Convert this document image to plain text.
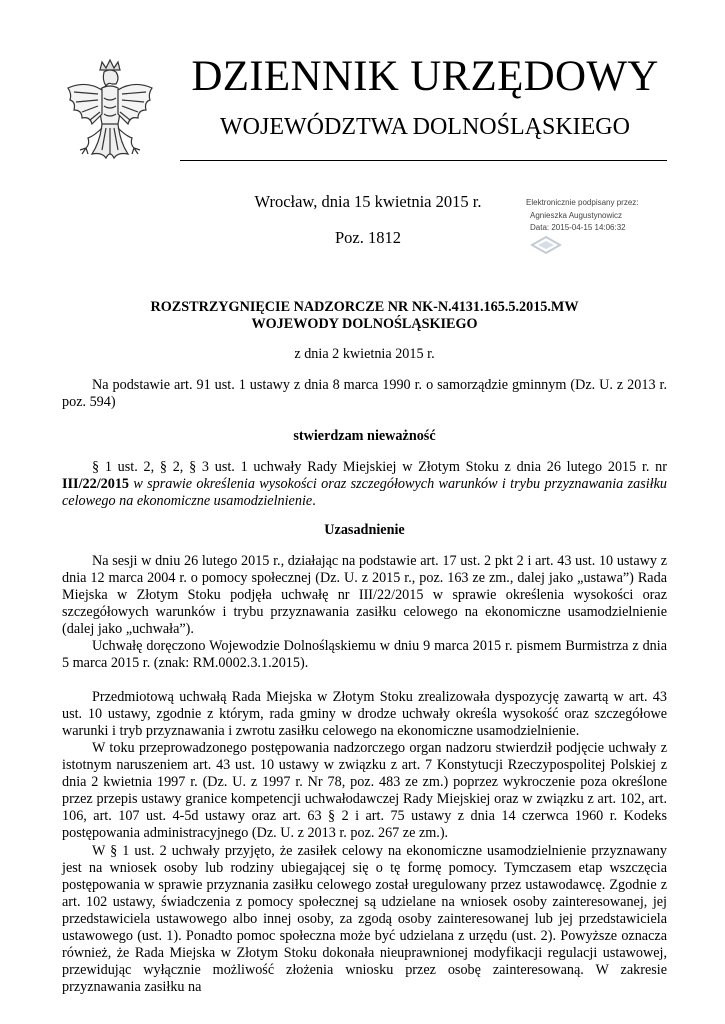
DZIENNIK URZĘDOWY
WOJEWÓDZTWA DOLNOŚLĄSKIEGO
Wrocław, dnia 15 kwietnia 2015 r.
Poz. 1812
Elektronicznie podpisany przez:
Agnieszka Augustynowicz
Data: 2015-04-15 14:06:32
ROZSTRZYGNIĘCIE NADZORCZE NR NK-N.4131.165.5.2015.MW
WOJEWODY DOLNOŚLĄSKIEGO
z dnia 2 kwietnia 2015 r.
Na podstawie art. 91 ust. 1 ustawy z dnia 8 marca 1990 r. o samorządzie gminnym (Dz. U. z 2013 r. poz. 594)
stwierdzam nieważność
§ 1 ust. 2, § 2, § 3 ust. 1 uchwały Rady Miejskiej w Złotym Stoku z dnia 26 lutego 2015 r. nr III/22/2015 w sprawie określenia wysokości oraz szczegółowych warunków i trybu przyznawania zasiłku celowego na ekonomiczne usamodzielnienie.
Uzasadnienie
Na sesji w dniu 26 lutego 2015 r., działając na podstawie art. 17 ust. 2 pkt 2 i art. 43 ust. 10 ustawy z dnia 12 marca 2004 r. o pomocy społecznej (Dz. U. z 2015 r., poz. 163 ze zm., dalej jako „ustawa”) Rada Miejska w Złotym Stoku podjęła uchwałę nr III/22/2015 w sprawie określenia wysokości oraz szczegółowych warunków i trybu przyznawania zasiłku celowego na ekonomiczne usamodzielnienie (dalej jako „uchwała”).
Uchwałę doręczono Wojewodzie Dolnośląskiemu w dniu 9 marca 2015 r. pismem Burmistrza z dnia 5 marca 2015 r. (znak: RM.0002.3.1.2015).
Przedmiotową uchwałą Rada Miejska w Złotym Stoku zrealizowała dyspozycję zawartą w art. 43 ust. 10 ustawy, zgodnie z którym, rada gminy w drodze uchwały określa wysokość oraz szczegółowe warunki i tryb przyznawania i zwrotu zasiłku celowego na ekonomiczne usamodzielnienie.
W toku przeprowadzonego postępowania nadzorczego organ nadzoru stwierdził podjęcie uchwały z istotnym naruszeniem art. 43 ust. 10 ustawy w związku z art. 7 Konstytucji Rzeczypospolitej Polskiej z dnia 2 kwietnia 1997 r. (Dz. U. z 1997 r. Nr 78, poz. 483 ze zm.) poprzez wykroczenie poza określone przez przepis ustawy granice kompetencji uchwałodawczej Rady Miejskiej oraz w związku z art. 102, art. 106, art. 107 ust. 4-5d ustawy oraz art. 63 § 2 i art. 75 ustawy z dnia 14 czerwca 1960 r. Kodeks postępowania administracyjnego (Dz. U. z 2013 r. poz. 267 ze zm.).
W § 1 ust. 2 uchwały przyjęto, że zasiłek celowy na ekonomiczne usamodzielnienie przyznawany jest na wniosek osoby lub rodziny ubiegającej się o tę formę pomocy. Tymczasem etap wszczęcia postępowania w sprawie przyznania zasiłku celowego został uregulowany przez ustawodawcę. Zgodnie z art. 102 ustawy, świadczenia z pomocy społecznej są udzielane na wniosek osoby zainteresowanej, jej przedstawiciela ustawowego albo innej osoby, za zgodą osoby zainteresowanej lub jej przedstawiciela ustawowego (ust. 1). Ponadto pomoc społeczna może być udzielana z urzędu (ust. 2). Powyższe oznacza również, że Rada Miejska w Złotym Stoku dokonała nieuprawnionej modyfikacji regulacji ustawowej, przewidując wyłącznie możliwość złożenia wniosku przez osobę zainteresowaną. W zakresie przyznawania zasiłku na
